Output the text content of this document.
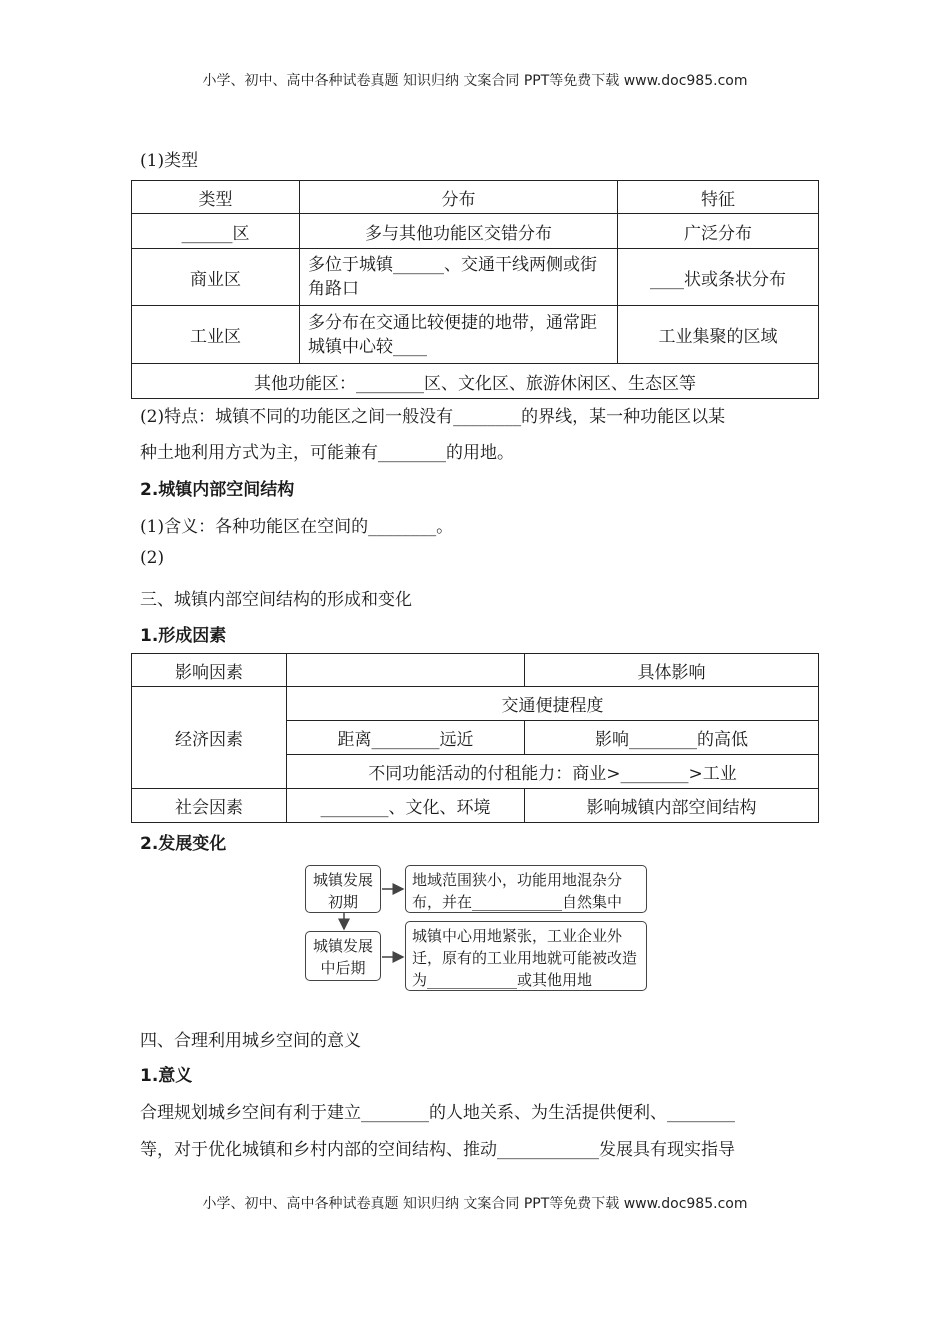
小学、初中、高中各种试卷真题 知识归纳 文案合同 PPT等免费下载 www.doc985.com
(1)类型
类型	分布	特征
______区	多与其他功能区交错分布	广泛分布
商业区	多位于城镇______、交通干线两侧或街角路口	____状或条状分布
工业区	多分布在交通比较便捷的地带，通常距城镇中心较____	工业集聚的区域
其他功能区：________区、文化区、旅游休闲区、生态区等		
(2)特点：城镇不同的功能区之间一般没有________的界线，某一种功能区以某
种土地利用方式为主，可能兼有________的用地。
2.城镇内部空间结构
(1)含义：各种功能区在空间的________。
(2)
三、城镇内部空间结构的形成和变化
1.形成因素
影响因素		具体影响
经济因素	交通便捷程度	
	距离________远近	影响________的高低
	不同功能活动的付租能力：商业>________>工业	
社会因素	________、文化、环境	影响城镇内部空间结构
2.发展变化
城镇发展初期
地域范围狭小，功能用地混杂分布，并在____________自然集中
城镇发展中后期
城镇中心用地紧张，工业企业外迁，原有的工业用地就可能被改造为____________或其他用地
四、合理利用城乡空间的意义
1.意义
合理规划城乡空间有利于建立________的人地关系、为生活提供便利、________
等，对于优化城镇和乡村内部的空间结构、推动____________发展具有现实指导
小学、初中、高中各种试卷真题 知识归纳 文案合同 PPT等免费下载 www.doc985.com
